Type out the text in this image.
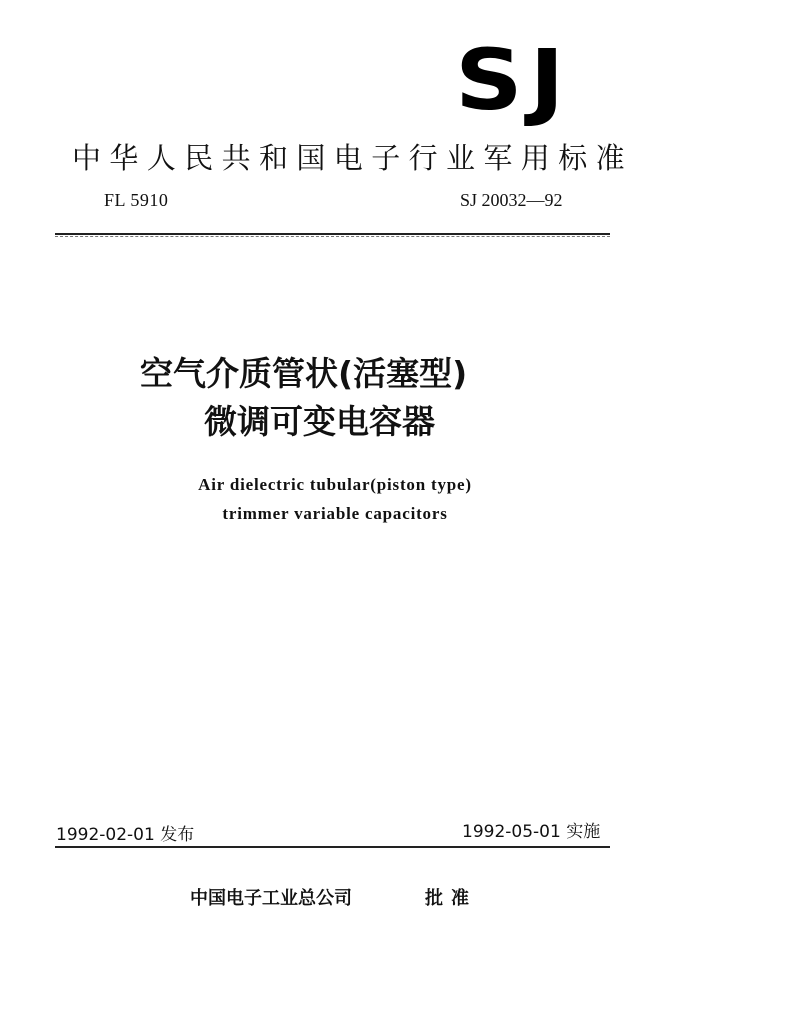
SJ
中华人民共和国电子行业军用标准
FL 5910	SJ 20032—92
空气介质管状(活塞型)
微调可变电容器
Air dielectric tubular(piston type)
trimmer variable capacitors
1992-02-01 发布	1992-05-01 实施
中国电子工业总公司	批准
